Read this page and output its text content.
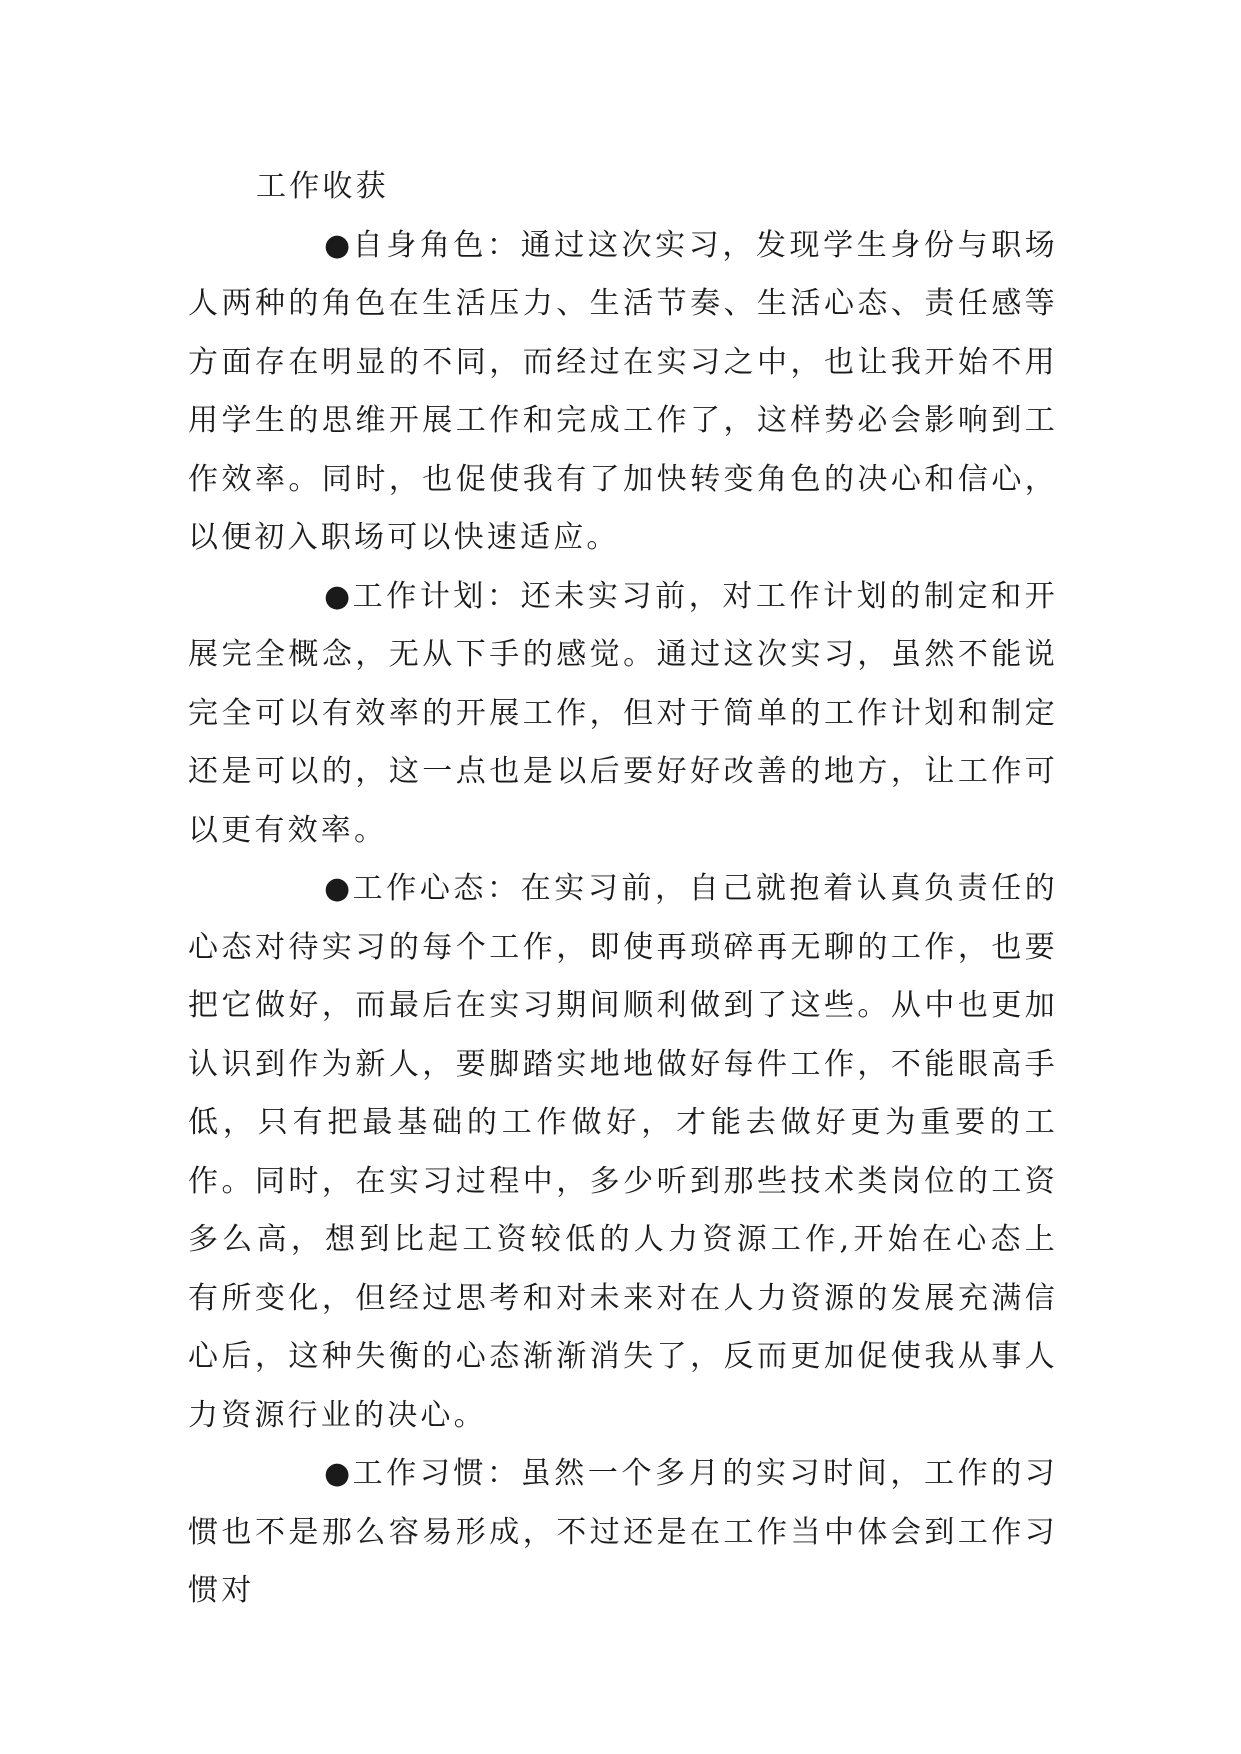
工作收获

●自身角色：通过这次实习，发现学生身份与职场人两种的角色在生活压力、生活节奏、生活心态、责任感等方面存在明显的不同，而经过在实习之中，也让我开始不用用学生的思维开展工作和完成工作了，这样势必会影响到工作效率。同时，也促使我有了加快转变角色的决心和信心，以便初入职场可以快速适应。

●工作计划：还未实习前，对工作计划的制定和开展完全概念，无从下手的感觉。通过这次实习，虽然不能说完全可以有效率的开展工作，但对于简单的工作计划和制定还是可以的，这一点也是以后要好好改善的地方，让工作可以更有效率。

●工作心态：在实习前，自己就抱着认真负责任的心态对待实习的每个工作，即使再琐碎再无聊的工作，也要把它做好，而最后在实习期间顺利做到了这些。从中也更加认识到作为新人，要脚踏实地地做好每件工作，不能眼高手低，只有把最基础的工作做好，才能去做好更为重要的工作。同时，在实习过程中，多少听到那些技术类岗位的工资多么高，想到比起工资较低的人力资源工作,开始在心态上有所变化，但经过思考和对未来对在人力资源的发展充满信心后，这种失衡的心态渐渐消失了，反而更加促使我从事人力资源行业的决心。

●工作习惯：虽然一个多月的实习时间，工作的习惯也不是那么容易形成，不过还是在工作当中体会到工作习惯对
